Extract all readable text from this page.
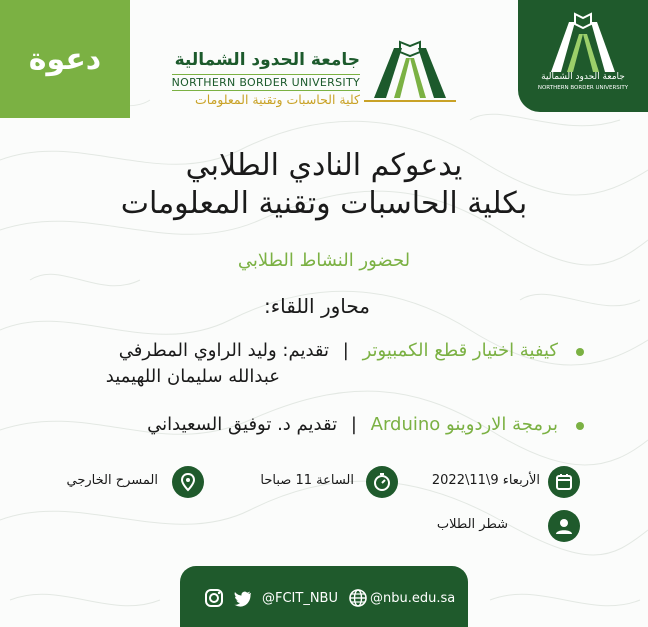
دعوة	جامعة الحدود الشمالية
NORTHERN BORDER UNIVERSITY
كلية الحاسبات وتقنية المعلومات
جامعة الحدود الشمالية
NORTHERN BORDER UNIVERSITY
يدعوكم النادي الطلابي
بكلية الحاسبات وتقنية المعلومات
لحضور النشاط الطلابي
محاور اللقاء:
كيفية اختيار قطع الكمبيوتر | تقديم: وليد الراوي المطرفي
عبدالله سليمان اللهيميد
برمجة الاردوينو Arduino | تقديم د. توفيق السعيداني
الأربعاء 9\11\2022
الساعة 11 صباحا
المسرح الخارجي
شطر الطلاب
@FCIT_NBU @nbu.edu.sa
